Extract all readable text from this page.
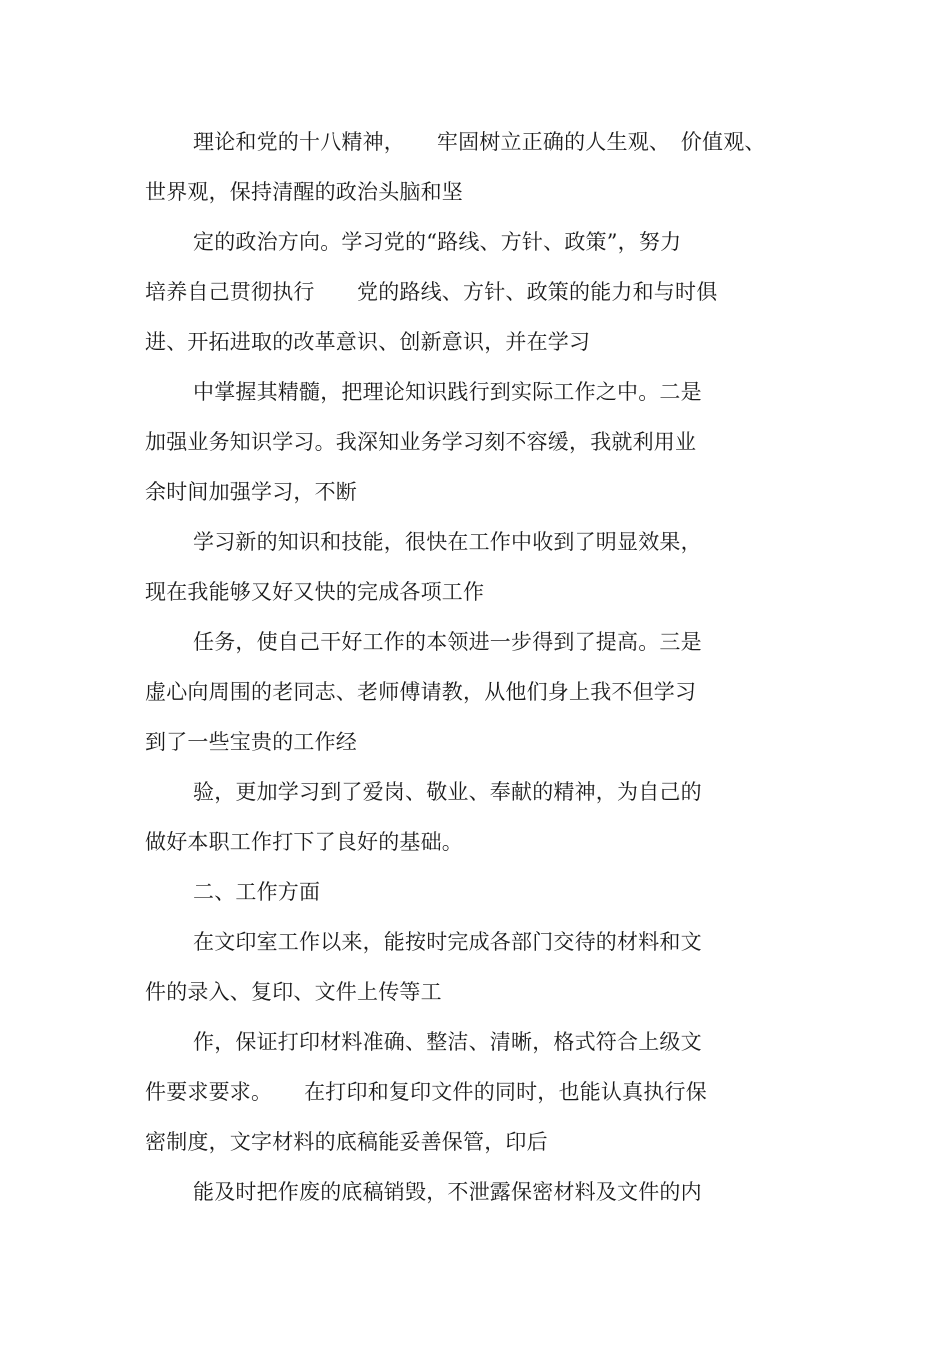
理论和党的十八精神，　　牢固树立正确的人生观、　价值观、
世界观，保持清醒的政治头脑和坚
定的政治方向。学习党的“路线、方针、政策”，努力
培养自己贯彻执行　　党的路线、方针、政策的能力和与时俱
进、开拓进取的改革意识、创新意识，并在学习
中掌握其精髓，把理论知识践行到实际工作之中。二是
加强业务知识学习。我深知业务学习刻不容缓，我就利用业
余时间加强学习，不断
学习新的知识和技能，很快在工作中收到了明显效果，
现在我能够又好又快的完成各项工作
任务，使自己干好工作的本领进一步得到了提高。三是
虚心向周围的老同志、老师傅请教，从他们身上我不但学习
到了一些宝贵的工作经
验，更加学习到了爱岗、敬业、奉献的精神，为自己的
做好本职工作打下了良好的基础。
二、工作方面
在文印室工作以来，能按时完成各部门交待的材料和文
件的录入、复印、文件上传等工
作，保证打印材料准确、整洁、清晰，格式符合上级文
件要求要求。　　在打印和复印文件的同时，也能认真执行保
密制度，文字材料的底稿能妥善保管，印后
能及时把作废的底稿销毁，不泄露保密材料及文件的内
